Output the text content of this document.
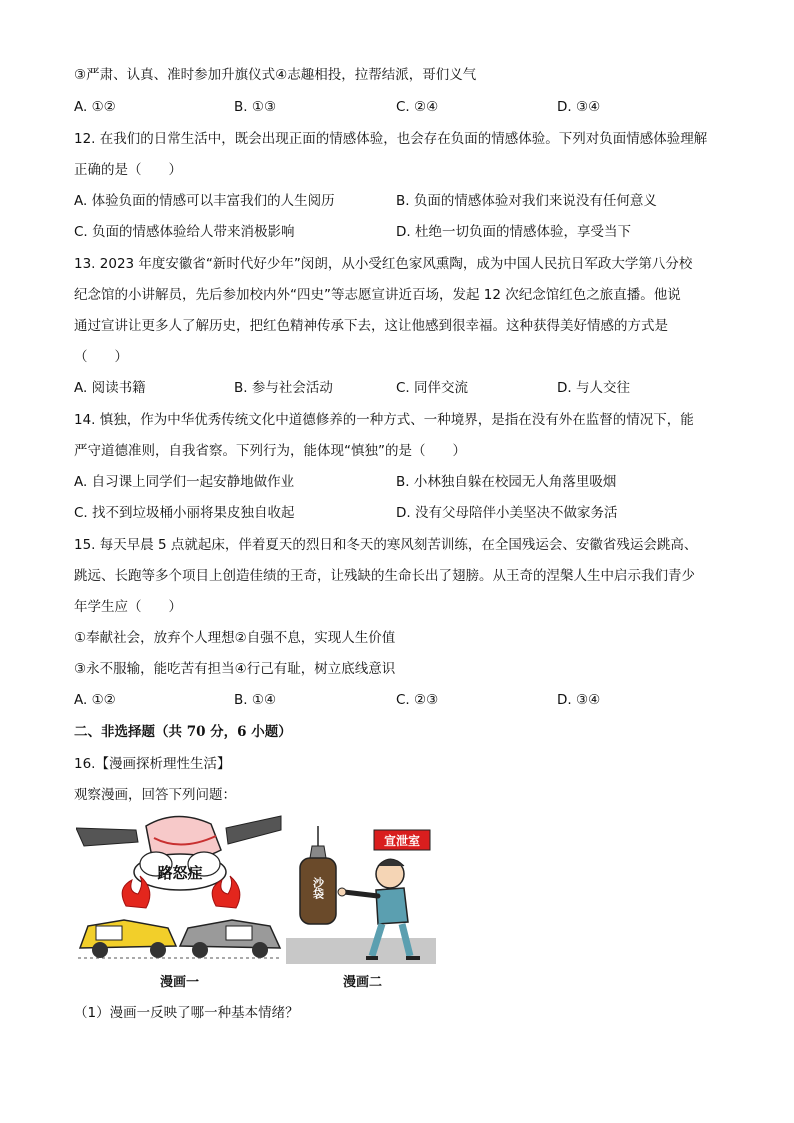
③严肃、认真、准时参加升旗仪式④志趣相投，拉帮结派，哥们义气
A. ①②	B. ①③	C. ②④	D. ③④
12. 在我们的日常生活中，既会出现正面的情感体验，也会存在负面的情感体验。下列对负面情感体验理解
正确的是（　　）
A. 体验负面的情感可以丰富我们的人生阅历	B. 负面的情感体验对我们来说没有任何意义
C. 负面的情感体验给人带来消极影响	D. 杜绝一切负面的情感体验，享受当下
13. 2023 年度安徽省“新时代好少年”闵朗，从小受红色家风熏陶，成为中国人民抗日军政大学第八分校
纪念馆的小讲解员，先后参加校内外“四史”等志愿宣讲近百场，发起 12 次纪念馆红色之旅直播。他说
通过宣讲让更多人了解历史，把红色精神传承下去，这让他感到很幸福。这种获得美好情感的方式是
（　　）
A. 阅读书籍	B. 参与社会活动	C. 同伴交流	D. 与人交往
14. 慎独，作为中华优秀传统文化中道德修养的一种方式、一种境界，是指在没有外在监督的情况下，能
严守道德准则，自我省察。下列行为，能体现“慎独”的是（　　）
A. 自习课上同学们一起安静地做作业	B. 小林独自躲在校园无人角落里吸烟
C. 找不到垃圾桶小丽将果皮独自收起	D. 没有父母陪伴小美坚决不做家务活
15. 每天早晨 5 点就起床，伴着夏天的烈日和冬天的寒风刻苦训练，在全国残运会、安徽省残运会跳高、
跳远、长跑等多个项目上创造佳绩的王奇，让残缺的生命长出了翅膀。从王奇的涅槃人生中启示我们青少
年学生应（　　）
①奉献社会，放弃个人理想②自强不息，实现人生价值
③永不服输，能吃苦有担当④行己有耻，树立底线意识
A. ①②	B. ①④	C. ②③	D. ③④
二、非选择题（共 70 分，6 小题）
16.【漫画探析理性生活】
观察漫画，回答下列问题：
路怒症
漫画一
沙袋
宣泄室
漫画二
（1）漫画一反映了哪一种基本情绪？
